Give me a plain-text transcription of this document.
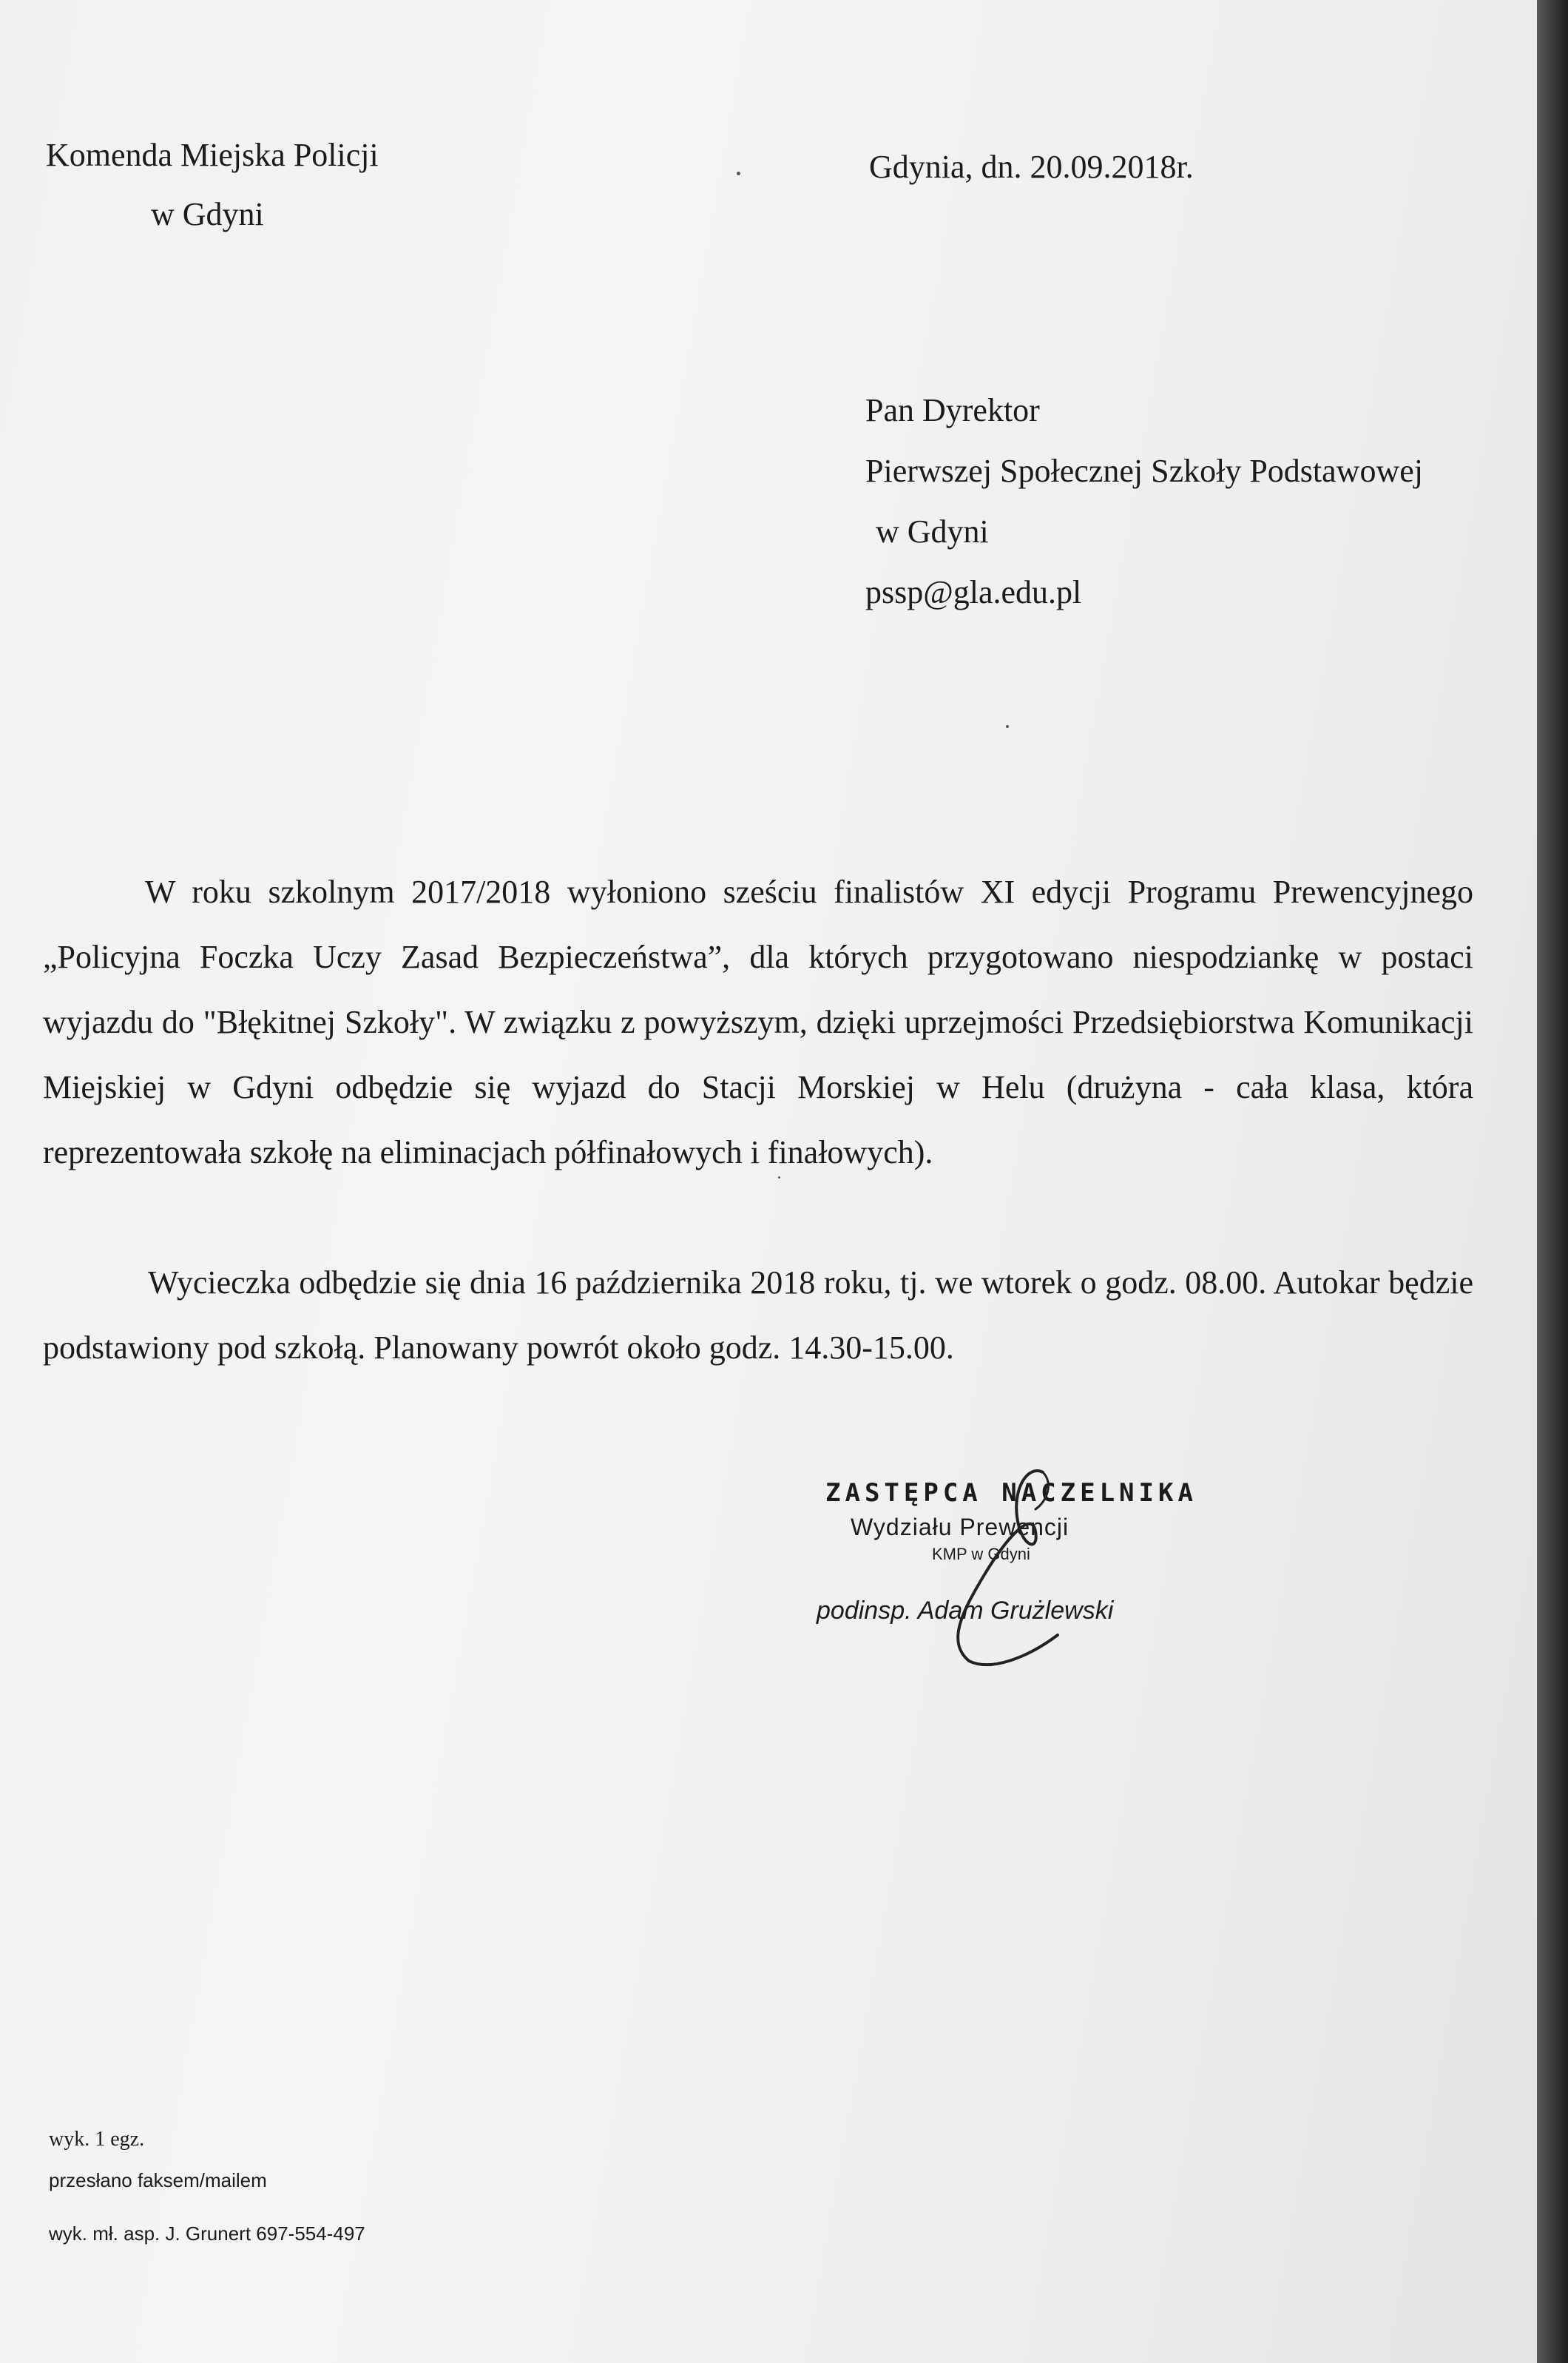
Komenda Miejska Policji
w Gdyni
Gdynia, dn. 20.09.2018r.
Pan Dyrektor
Pierwszej Społecznej Szkoły Podstawowej
w Gdyni
pssp@gla.edu.pl
W roku szkolnym 2017/2018 wyłoniono sześciu finalistów XI edycji Programu Prewencyjnego „Policyjna Foczka Uczy Zasad Bezpieczeństwa”, dla których przygotowano niespodziankę w postaci wyjazdu do "Błękitnej Szkoły". W związku z powyższym, dzięki uprzejmości Przedsiębiorstwa Komunikacji Miejskiej w Gdyni odbędzie się wyjazd do Stacji Morskiej w Helu (drużyna - cała klasa, która reprezentowała szkołę na eliminacjach półfinałowych i finałowych).
Wycieczka odbędzie się dnia 16 października 2018 roku, tj. we wtorek o godz. 08.00. Autokar będzie podstawiony pod szkołą. Planowany powrót około godz. 14.30-15.00.
ZASTĘPCA NACZELNIKA
Wydziału Prewencji
KMP w Gdyni
podinsp. Adam Grużlewski
wyk. 1 egz.
przesłano faksem/mailem
wyk. mł. asp. J. Grunert 697-554-497
